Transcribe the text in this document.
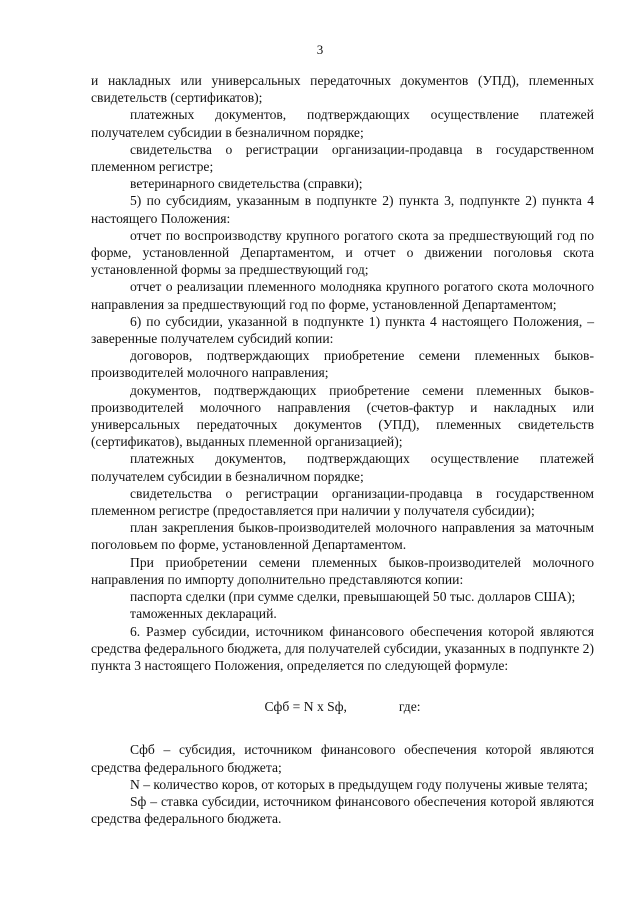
3

и накладных или универсальных передаточных документов (УПД), племенных свидетельств (сертификатов);

платежных документов, подтверждающих осуществление платежей получателем субсидии в безналичном порядке;

свидетельства о регистрации организации-продавца в государственном племенном регистре;

ветеринарного свидетельства (справки);

5) по субсидиям, указанным в подпункте 2) пункта 3, подпункте 2) пункта 4 настоящего Положения:

отчет по воспроизводству крупного рогатого скота за предшествующий год по форме, установленной Департаментом, и отчет о движении поголовья скота установленной формы за предшествующий год;

отчет о реализации племенного молодняка крупного рогатого скота молочного направления за предшествующий год по форме, установленной Департаментом;

6) по субсидии, указанной в подпункте 1) пункта 4 настоящего Положения, – заверенные получателем субсидий копии:

договоров, подтверждающих приобретение семени племенных быков-производителей молочного направления;

документов, подтверждающих приобретение семени племенных быков-производителей молочного направления (счетов-фактур и накладных или универсальных передаточных документов (УПД), племенных свидетельств (сертификатов), выданных племенной организацией);

платежных документов, подтверждающих осуществление платежей получателем субсидии в безналичном порядке;

свидетельства о регистрации организации-продавца в государственном племенном регистре (предоставляется при наличии у получателя субсидии);

план закрепления быков-производителей молочного направления за маточным поголовьем по форме, установленной Департаментом.

При приобретении семени племенных быков-производителей молочного направления по импорту дополнительно представляются копии:

паспорта сделки (при сумме сделки, превышающей 50 тыс. долларов США);

таможенных деклараций.

6. Размер субсидии, источником финансового обеспечения которой являются средства федерального бюджета, для получателей субсидии, указанных в подпункте 2) пункта 3 настоящего Положения, определяется по следующей формуле:

Сфб = N x Sф,	где:

Сфб – субсидия, источником финансового обеспечения которой являются средства федерального бюджета;

N – количество коров, от которых в предыдущем году получены живые телята;

Sф – ставка субсидии, источником финансового обеспечения которой являются средства федерального бюджета.
